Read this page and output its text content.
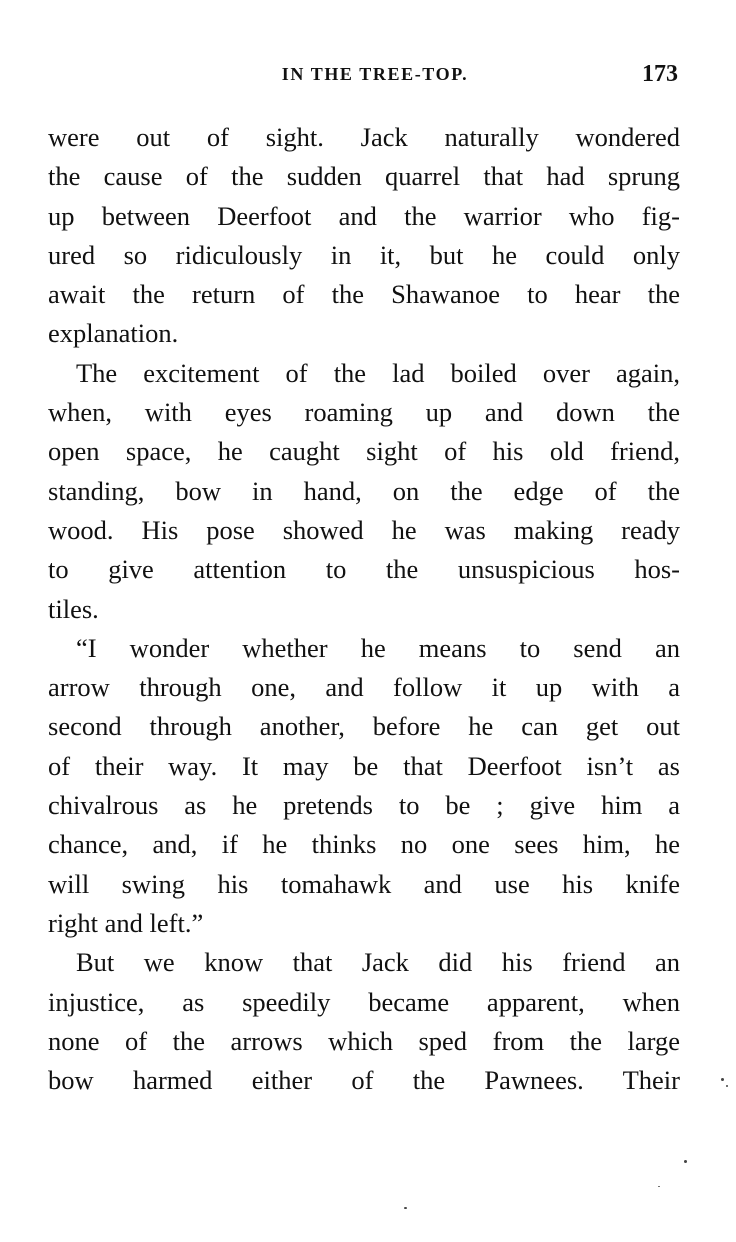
IN THE TREE-TOP.	173
were out of sight. Jack naturally wondered
the cause of the sudden quarrel that had sprung
up between Deerfoot and the warrior who fig-
ured so ridiculously in it, but he could only
await the return of the Shawanoe to hear the
explanation.
The excitement of the lad boiled over again,
when, with eyes roaming up and down the
open space, he caught sight of his old friend,
standing, bow in hand, on the edge of the
wood. His pose showed he was making ready
to give attention to the unsuspicious hos-
tiles.
“I wonder whether he means to send an
arrow through one, and follow it up with a
second through another, before he can get out
of their way. It may be that Deerfoot isn’t as
chivalrous as he pretends to be ; give him a
chance, and, if he thinks no one sees him, he
will swing his tomahawk and use his knife
right and left.”
But we know that Jack did his friend an
injustice, as speedily became apparent, when
none of the arrows which sped from the large
bow harmed either of the Pawnees. Their
